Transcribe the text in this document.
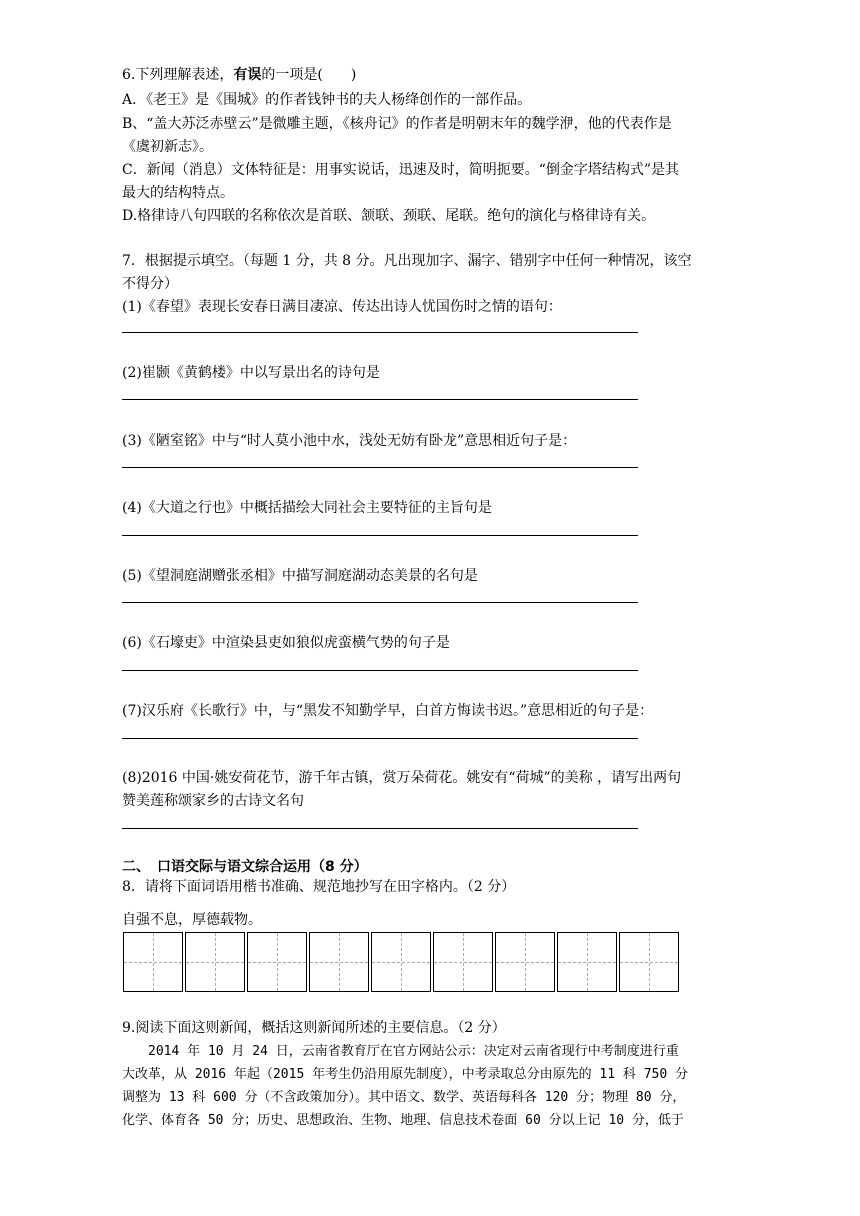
6.下列理解表述，有误的一项是(　　)
A．《老王》是《围城》的作者钱钟书的夫人杨绛创作的一部作品。
B、“盖大苏泛赤壁云”是微雕主题，《核舟记》的作者是明朝末年的魏学洢，他的代表作是
《虞初新志》。
C．新闻（消息）文体特征是：用事实说话，迅速及时，简明扼要。“倒金字塔结构式”是其
最大的结构特点。
D.格律诗八句四联的名称依次是首联、颔联、颈联、尾联。绝句的演化与格律诗有关。
7．根据提示填空。（每题 1 分，共 8 分。凡出现加字、漏字、错别字中任何一种情况，该空
不得分）
(1)《春望》表现长安春日满目凄凉、传达出诗人忧国伤时之情的语句：
(2)崔颢《黄鹤楼》中以写景出名的诗句是
(3)《陋室铭》中与“时人莫小池中水，浅处无妨有卧龙”意思相近句子是：
(4)《大道之行也》中概括描绘大同社会主要特征的主旨句是
(5)《望洞庭湖赠张丞相》中描写洞庭湖动态美景的名句是
(6)《石壕吏》中渲染县吏如狼似虎蛮横气势的句子是
(7)汉乐府《长歌行》中，与“黑发不知勤学早，白首方悔读书迟。”意思相近的句子是：
(8)2016 中国·姚安荷花节，游千年古镇，赏万朵荷花。姚安有“荷城”的美称 ，请写出两句
赞美莲称颂家乡的古诗文名句
二、　口语交际与语文综合运用（8 分）
8．请将下面词语用楷书准确、规范地抄写在田字格内。（2 分）
自强不息，厚德载物。
9.阅读下面这则新闻，概括这则新闻所述的主要信息。（2 分）
　　2014 年 10 月 24 日，云南省教育厅在官方网站公示：决定对云南省现行中考制度进行重
大改革，从 2016 年起（2015 年考生仍沿用原先制度），中考录取总分由原先的 11 科 750 分
调整为 13 科 600 分（不含政策加分）。其中语文、数学、英语每科各 120 分；物理 80 分，
化学、体育各 50 分；历史、思想政治、生物、地理、信息技术卷面 60 分以上记 10 分，低于
